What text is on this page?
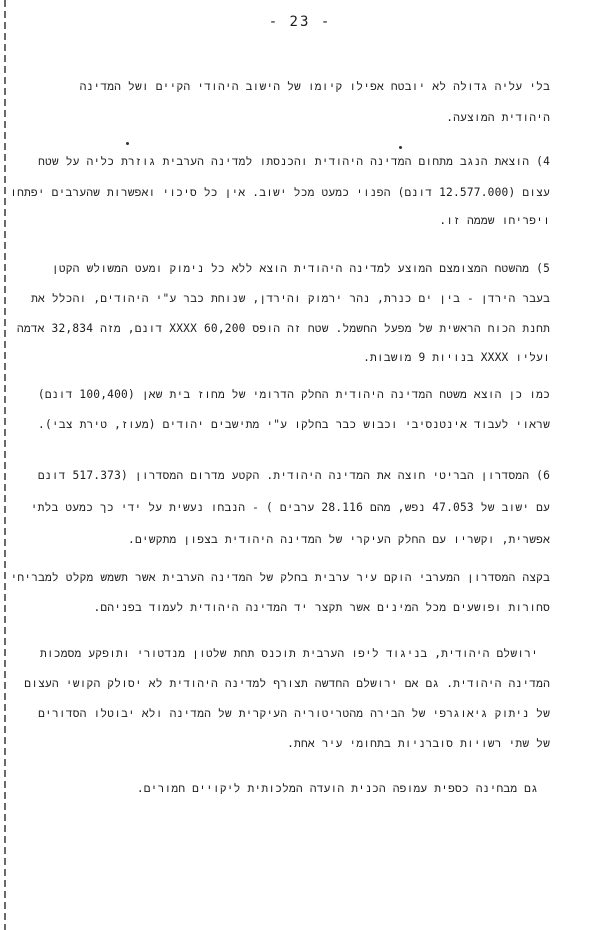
- 23 -
בלי עליה גדולה לא יובטח אפילו קיומו של הישוב היהודי הקיים ושל המדינה
היהודית המוצעה.
4) הוצאת הנגב מתחום המדינה היהודית והכנסתו למדינה הערבית גוזרת כליה על שטח
עצום (12.577.000 דונם) הפנוי כמעט מכל ישוב. אין כל סיכוי ואפשרות שהערבים יפתחו
ויפריחו שממה זו.
5) מהשטח המצומצם המוצע למדינה היהודית הוצא ללא כל נימוק ומעט המשולש הקטן
בעבר הירדן - בין ים כנרת, נהר ירמוק והירדן, שנוחת כבר ע"י היהודים, והכלל את
תחנת הכוח הראשית של מפעל החשמל. שטח זה הופס XXXX 60,200 דונם, מזה 32,834 אדמה
ועליו XXXX בנויות 9 מושבות.
כמו כן הוצא משטח המדינה היהודית החלק הדרומי של מחוז בית שאן (100,400 דונם)
שראוי לעבוד אינטנסיבי וכבוש כבר בחלקו ע"י מתישבים יהודים (מעוז, טירת צבי).
6) המסדרון הבריטי חוצה את המדינה היהודית. הקטע מדרום המסדרון (517.373 דונם
עם ישוב של 47.053 נפש, מהם 28.116 ערבים ) - הנבחו נעשית על ידי כך כמעט בלתי
אפשרית, וקשריו עם החלק העיקרי של המדינה היהודית בצפון מתקשים.
בקצה המסדרון המערבי הוקם עיר ערבית בחלק של המדינה הערבית אשר תשמש מקלט למבריחי
סחורות ופושעים מכל המינים אשר תקצר יד המדינה היהודית לעמוד בפניהם.
ירושלם היהודית, בניגוד ליפו הערבית תוכנס תחת שלטון מנדטורי ותופקע מסמכות
המדינה היהודית. גם אם ירושלם החדשה תצורף למדינה היהודית לא יסולק הקושי העצום
של ניתוק גיאוגרפי של הבירה מהטריטוריה העיקרית של המדינה ולא יבוטלו הסדורים
של שתי רשויות סוברניות בתחומי עיר אחת.
גם מבחינה כספית עמופה הכנית הועדה המלכותית ליקויים חמורים.
